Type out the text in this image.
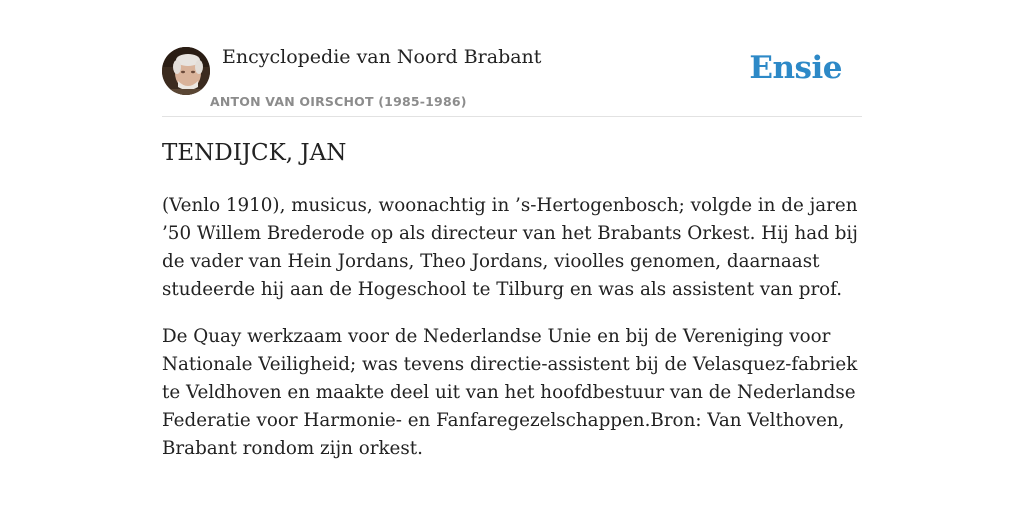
Encyclopedie van Noord Brabant
ANTON VAN OIRSCHOT (1985-1986)
Ensie
TENDIJCK, JAN

(Venlo 1910), musicus, woonachtig in ’s-Hertogenbosch; volgde in de jaren ’50 Willem Brederode op als directeur van het Brabants Orkest. Hij had bij de vader van Hein Jordans, Theo Jordans, vioolles genomen, daarnaast studeerde hij aan de Hogeschool te Tilburg en was als assistent van prof.

De Quay werkzaam voor de Nederlandse Unie en bij de Vereniging voor Nationale Veiligheid; was tevens directie-assistent bij de Velasquez-fabriek te Veldhoven en maakte deel uit van het hoofdbestuur van de Nederlandse Federatie voor Harmonie- en Fanfaregezelschappen.Bron: Van Velthoven, Brabant rondom zijn orkest.
